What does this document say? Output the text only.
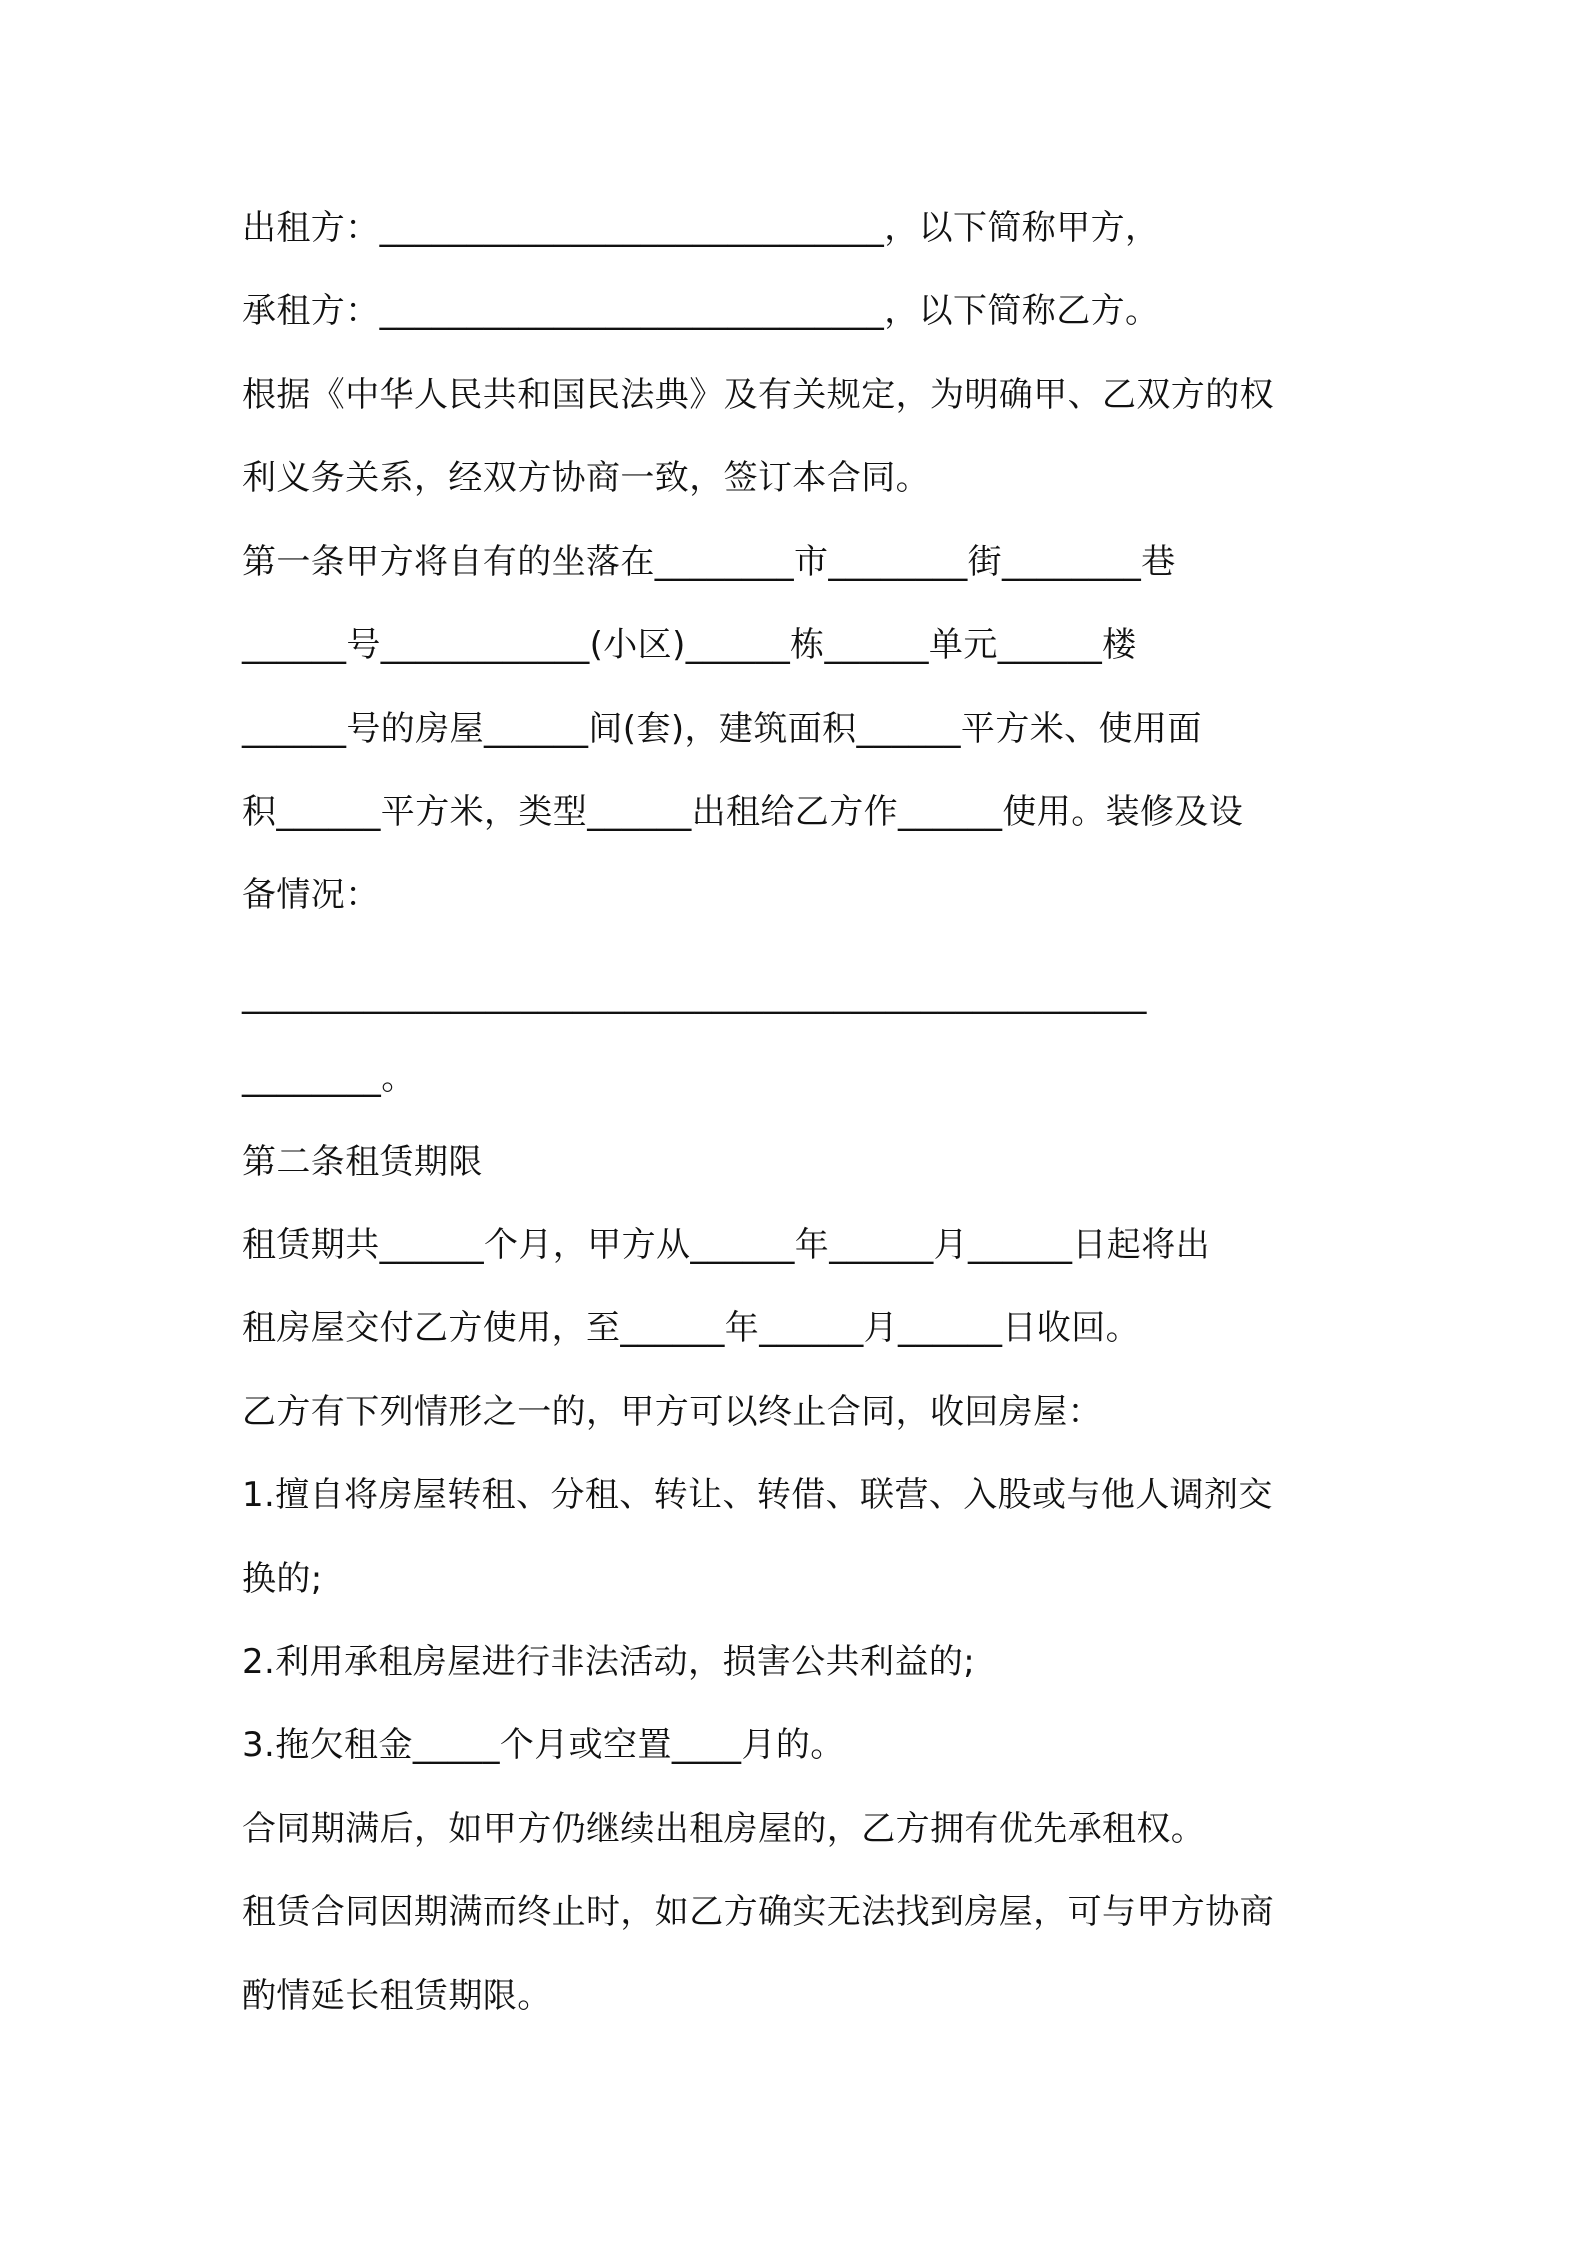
出租方：_____________________________，以下简称甲方，
承租方：_____________________________，以下简称乙方。
根据《中华人民共和国民法典》及有关规定，为明确甲、乙双方的权
利义务关系，经双方协商一致，签订本合同。
第一条甲方将自有的坐落在________市________街________巷
______号____________(小区)______栋______单元______楼
______号的房屋______间(套)，建筑面积______平方米、使用面
积______平方米，类型______出租给乙方作______使用。装修及设
备情况：
____________________________________________________
________。
第二条租赁期限
租赁期共______个月，甲方从______年______月______日起将出
租房屋交付乙方使用，至______年______月______日收回。
乙方有下列情形之一的，甲方可以终止合同，收回房屋：
1.擅自将房屋转租、分租、转让、转借、联营、入股或与他人调剂交
换的;
2.利用承租房屋进行非法活动，损害公共利益的;
3.拖欠租金_____个月或空置____月的。
合同期满后，如甲方仍继续出租房屋的，乙方拥有优先承租权。
租赁合同因期满而终止时，如乙方确实无法找到房屋，可与甲方协商
酌情延长租赁期限。
